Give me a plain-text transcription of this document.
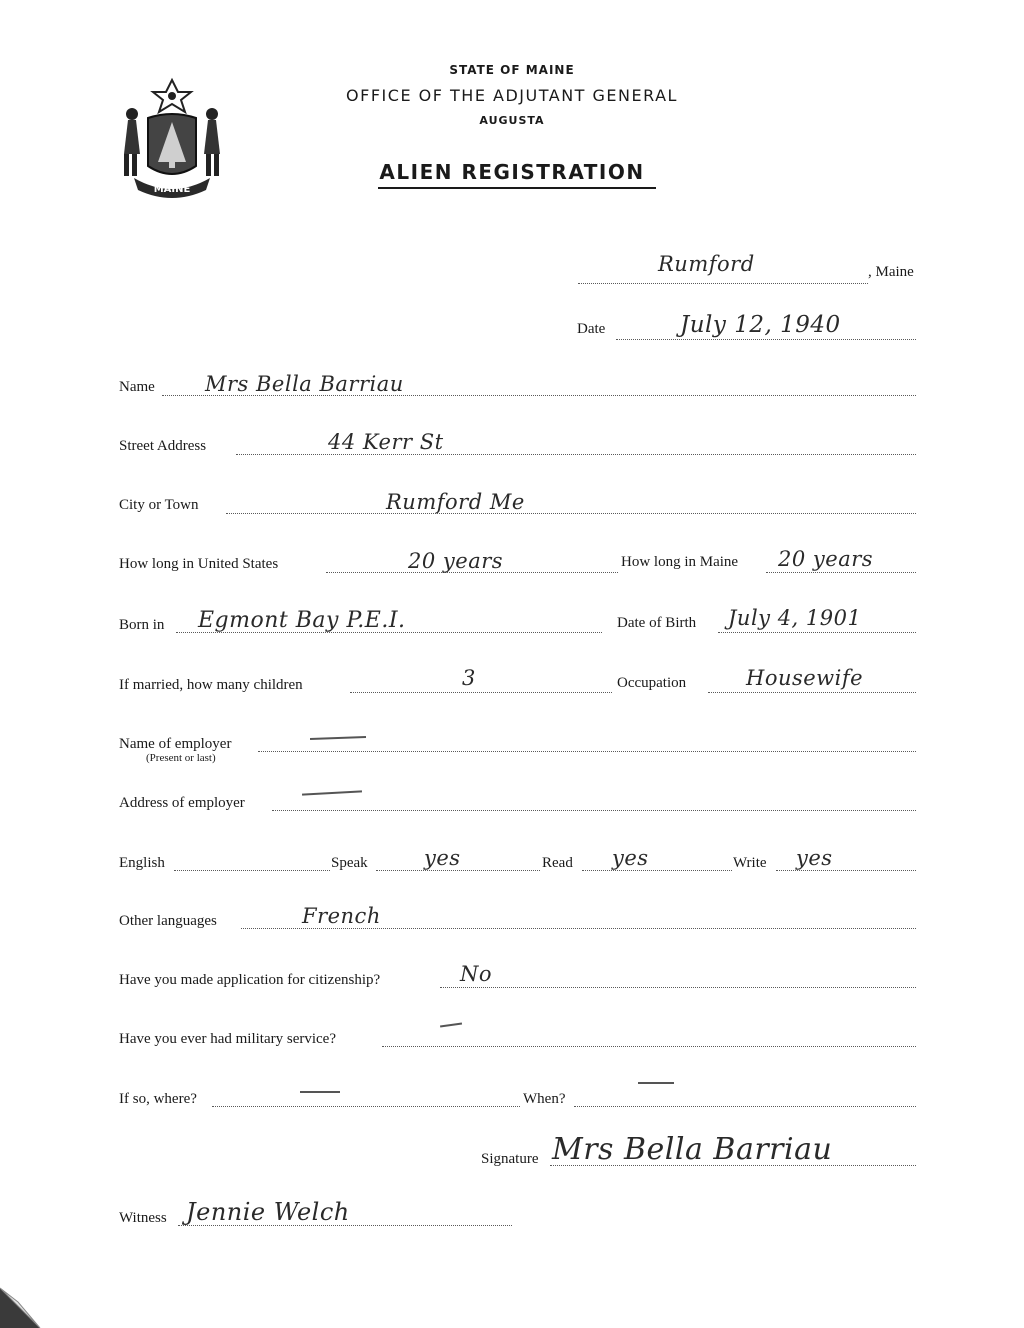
MAINE
STATE OF MAINE
OFFICE OF THE ADJUTANT GENERAL
AUGUSTA
ALIEN REGISTRATION
Rumford	, Maine
Date	July 12, 1940
Name Mrs Bella Barriau
Street Address	44 Kerr St
City or Town	Rumford Me
How long in United States	20 years	How long in Maine 20 years
Born in Egmont Bay P.E.I.	Date of Birth July 4, 1901
If married, how many children	3	Occupation	Housewife
Name of employer
(Present or last)
Address of employer
English	Speak	yes	Read yes	Write yes
Other languages	French
Have you made application for citizenship?	No
Have you ever had military service?
If so, where?	When?
Signature Mrs Bella Barriau
Witness Jennie Welch
